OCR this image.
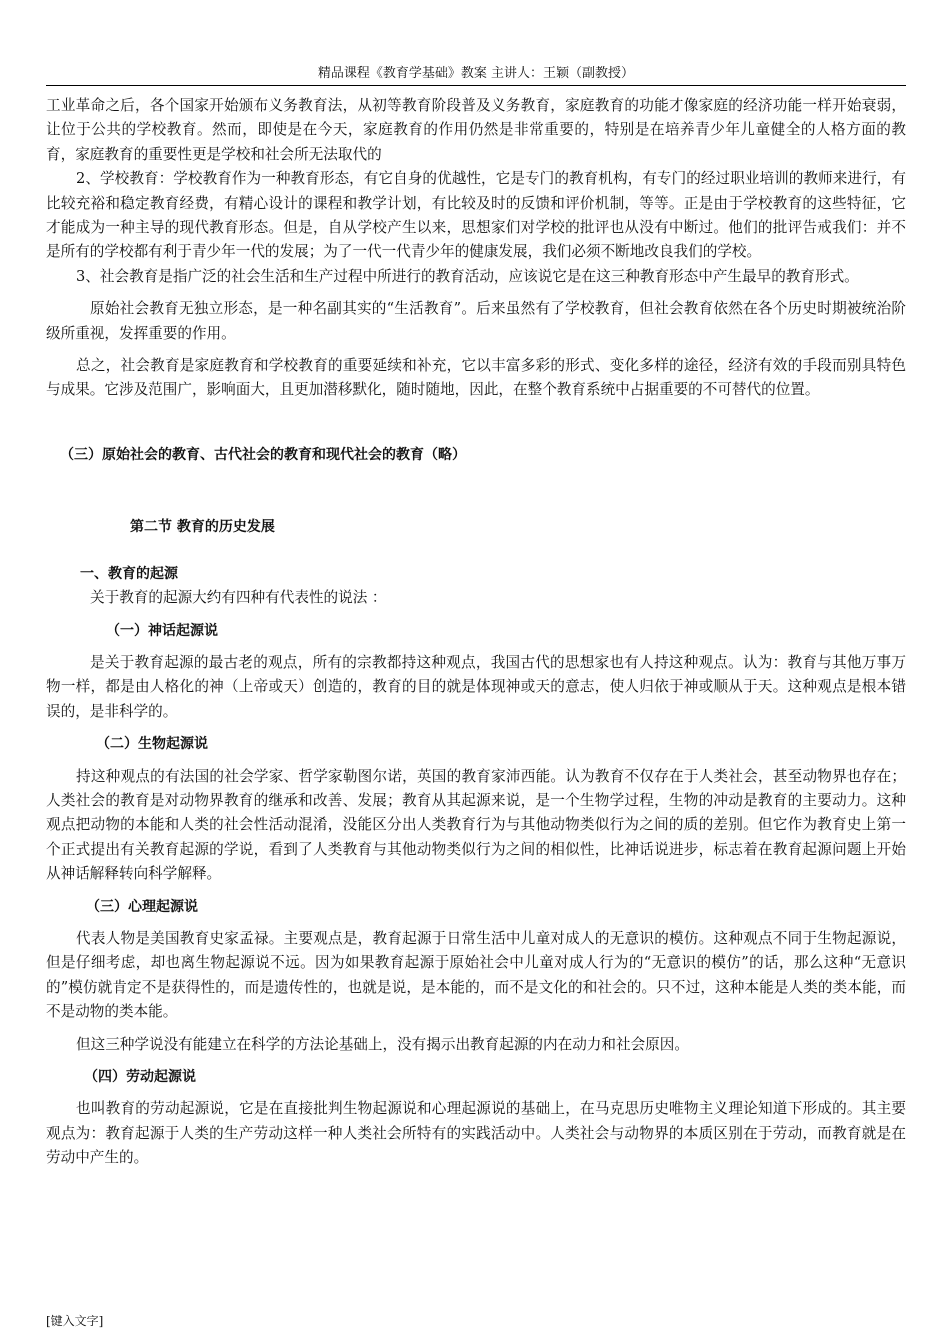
精品课程《教育学基础》教案 主讲人：王颖（副教授）

工业革命之后，各个国家开始颁布义务教育法，从初等教育阶段普及义务教育，家庭教育的功能才像家庭的经济功能一样开始衰弱，让位于公共的学校教育。然而，即使是在今天，家庭教育的作用仍然是非常重要的，特别是在培养青少年儿童健全的人格方面的教育，家庭教育的重要性更是学校和社会所无法取代的

2、学校教育：学校教育作为一种教育形态，有它自身的优越性，它是专门的教育机构，有专门的经过职业培训的教师来进行，有比较充裕和稳定教育经费，有精心设计的课程和教学计划，有比较及时的反馈和评价机制，等等。正是由于学校教育的这些特征，它才能成为一种主导的现代教育形态。但是，自从学校产生以来，思想家们对学校的批评也从没有中断过。他们的批评告戒我们：并不是所有的学校都有利于青少年一代的发展；为了一代一代青少年的健康发展，我们必须不断地改良我们的学校。

3、社会教育是指广泛的社会生活和生产过程中所进行的教育活动，应该说它是在这三种教育形态中产生最早的教育形式。

原始社会教育无独立形态，是一种名副其实的“生活教育”。后来虽然有了学校教育，但社会教育依然在各个历史时期被统治阶级所重视，发挥重要的作用。

总之，社会教育是家庭教育和学校教育的重要延续和补充，它以丰富多彩的形式、变化多样的途径，经济有效的手段而别具特色与成果。它涉及范围广，影响面大，且更加潜移默化，随时随地，因此，在整个教育系统中占据重要的不可替代的位置。

（三）原始社会的教育、古代社会的教育和现代社会的教育（略）

第二节 教育的历史发展

一、教育的起源

关于教育的起源大约有四种有代表性的说法 ：

（一）神话起源说

是关于教育起源的最古老的观点，所有的宗教都持这种观点，我国古代的思想家也有人持这种观点。认为：教育与其他万事万物一样，都是由人格化的神（上帝或天）创造的，教育的目的就是体现神或天的意志，使人归依于神或顺从于天。这种观点是根本错误的，是非科学的。

（二）生物起源说

持这种观点的有法国的社会学家、哲学家勒图尔诺，英国的教育家沛西能。认为教育不仅存在于人类社会，甚至动物界也存在；人类社会的教育是对动物界教育的继承和改善、发展；教育从其起源来说，是一个生物学过程，生物的冲动是教育的主要动力。这种观点把动物的本能和人类的社会性活动混淆，没能区分出人类教育行为与其他动物类似行为之间的质的差别。但它作为教育史上第一个正式提出有关教育起源的学说，看到了人类教育与其他动物类似行为之间的相似性，比神话说进步，标志着在教育起源问题上开始从神话解释转向科学解释。

（三）心理起源说

代表人物是美国教育史家孟禄。主要观点是，教育起源于日常生活中儿童对成人的无意识的模仿。这种观点不同于生物起源说，但是仔细考虑，却也离生物起源说不远。因为如果教育起源于原始社会中儿童对成人行为的“无意识的模仿”的话，那么这种“无意识的”模仿就肯定不是获得性的，而是遗传性的，也就是说，是本能的，而不是文化的和社会的。只不过，这种本能是人类的类本能，而不是动物的类本能。

但这三种学说没有能建立在科学的方法论基础上，没有揭示出教育起源的内在动力和社会原因。

（四）劳动起源说

也叫教育的劳动起源说，它是在直接批判生物起源说和心理起源说的基础上，在马克思历史唯物主义理论知道下形成的。其主要观点为：教育起源于人类的生产劳动这样一种人类社会所特有的实践活动中。人类社会与动物界的本质区别在于劳动，而教育就是在劳动中产生的。

[键入文字]
